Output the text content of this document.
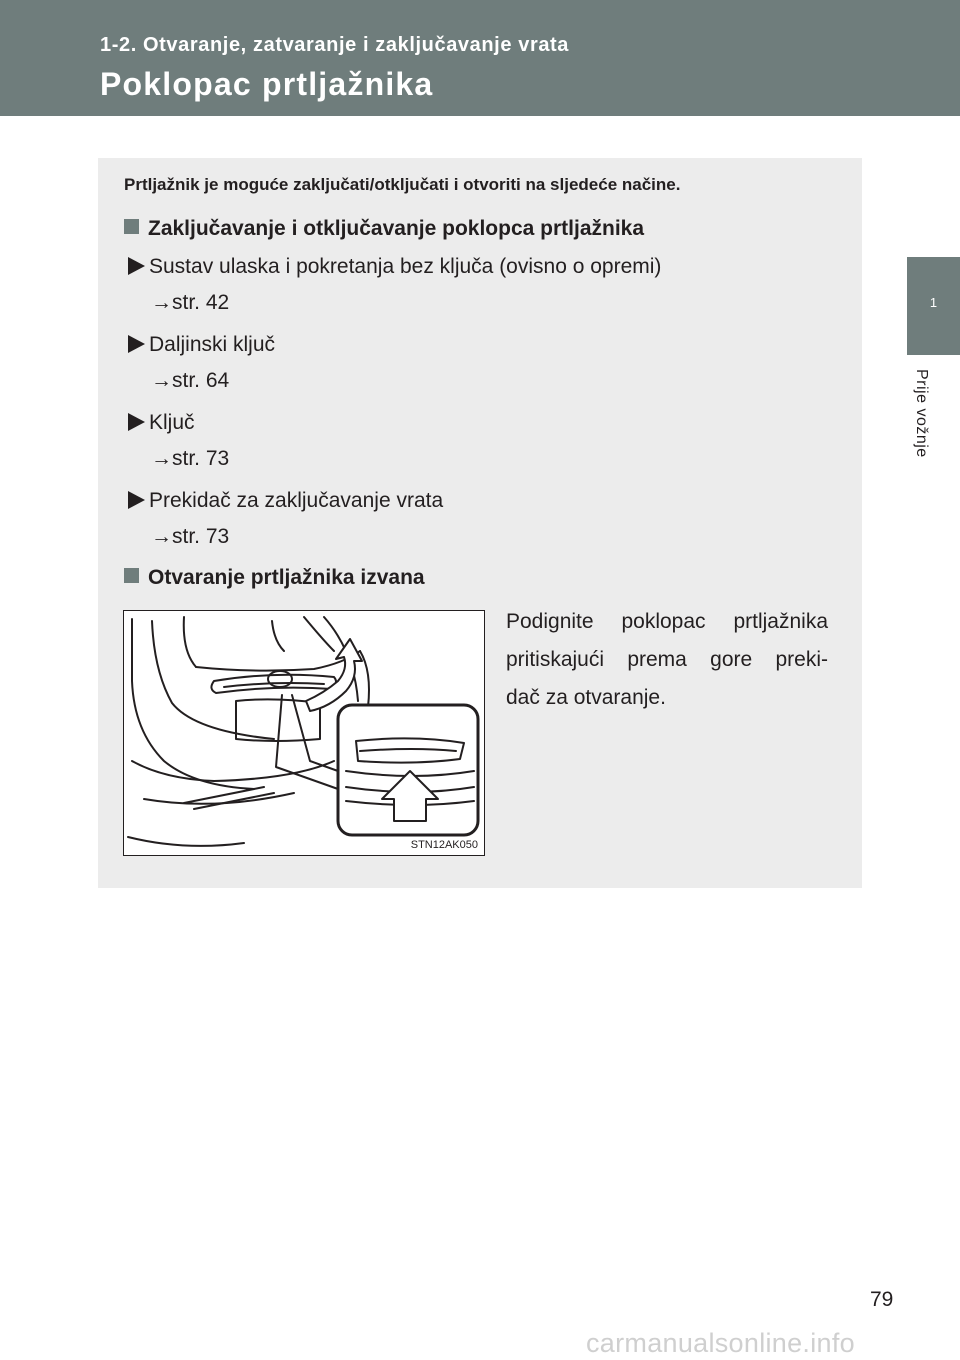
1-2. Otvaranje, zatvaranje i zaključavanje vrata
Poklopac prtljažnika
1
Prije vožnje
Prtljažnik je moguće zaključati/otključati i otvoriti na sljedeće načine.
Zaključavanje i otključavanje poklopca prtljažnika
Sustav ulaska i pokretanja bez ključa (ovisno o opremi)
→str. 42
Daljinski ključ
→str. 64
Ključ
→str. 73
Prekidač za zaključavanje vrata
→str. 73
Otvaranje prtljažnika izvana
STN12AK050
Podignite poklopac prtljažnika
pritiskajući prema gore preki-
dač za otvaranje.
79
carmanualsonline.info
